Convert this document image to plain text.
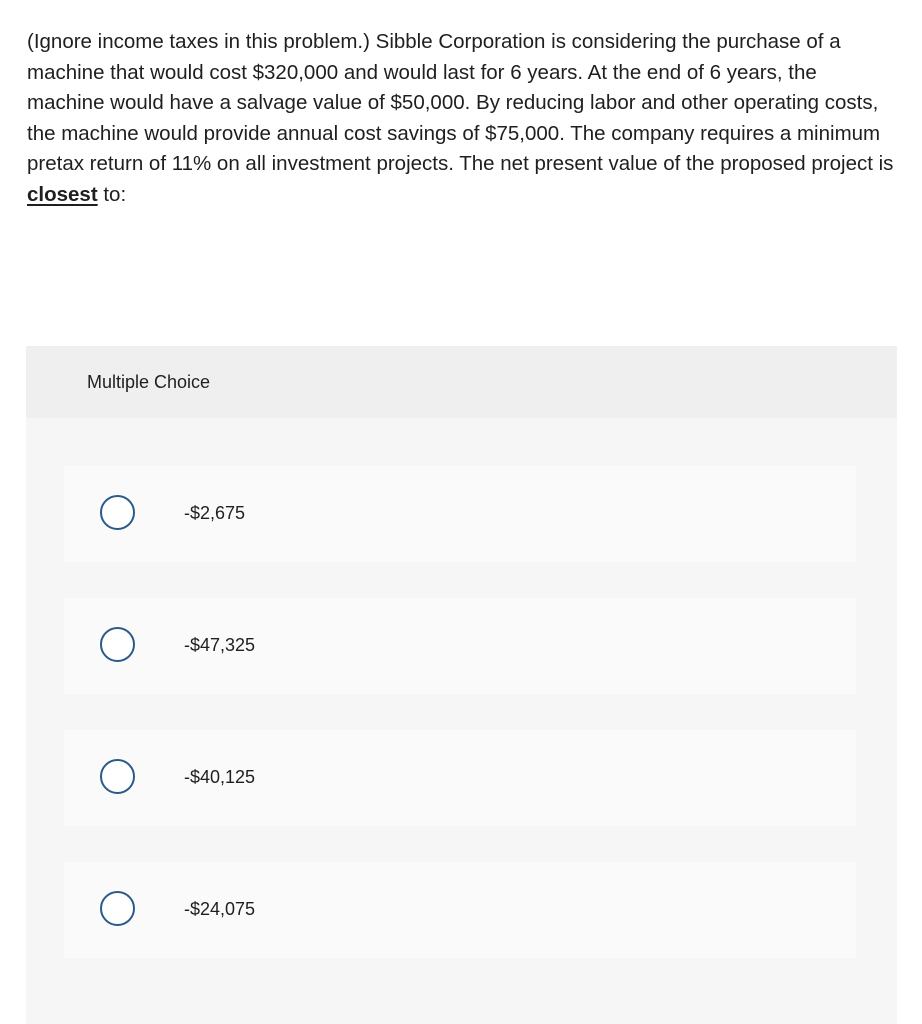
(Ignore income taxes in this problem.) Sibble Corporation is considering the purchase of a machine that would cost $320,000 and would last for 6 years. At the end of 6 years, the machine would have a salvage value of $50,000. By reducing labor and other operating costs, the machine would provide annual cost savings of $75,000. The company requires a minimum pretax return of 11% on all investment projects. The net present value of the proposed project is closest to:

Multiple Choice
-$2,675
-$47,325
-$40,125
-$24,075
